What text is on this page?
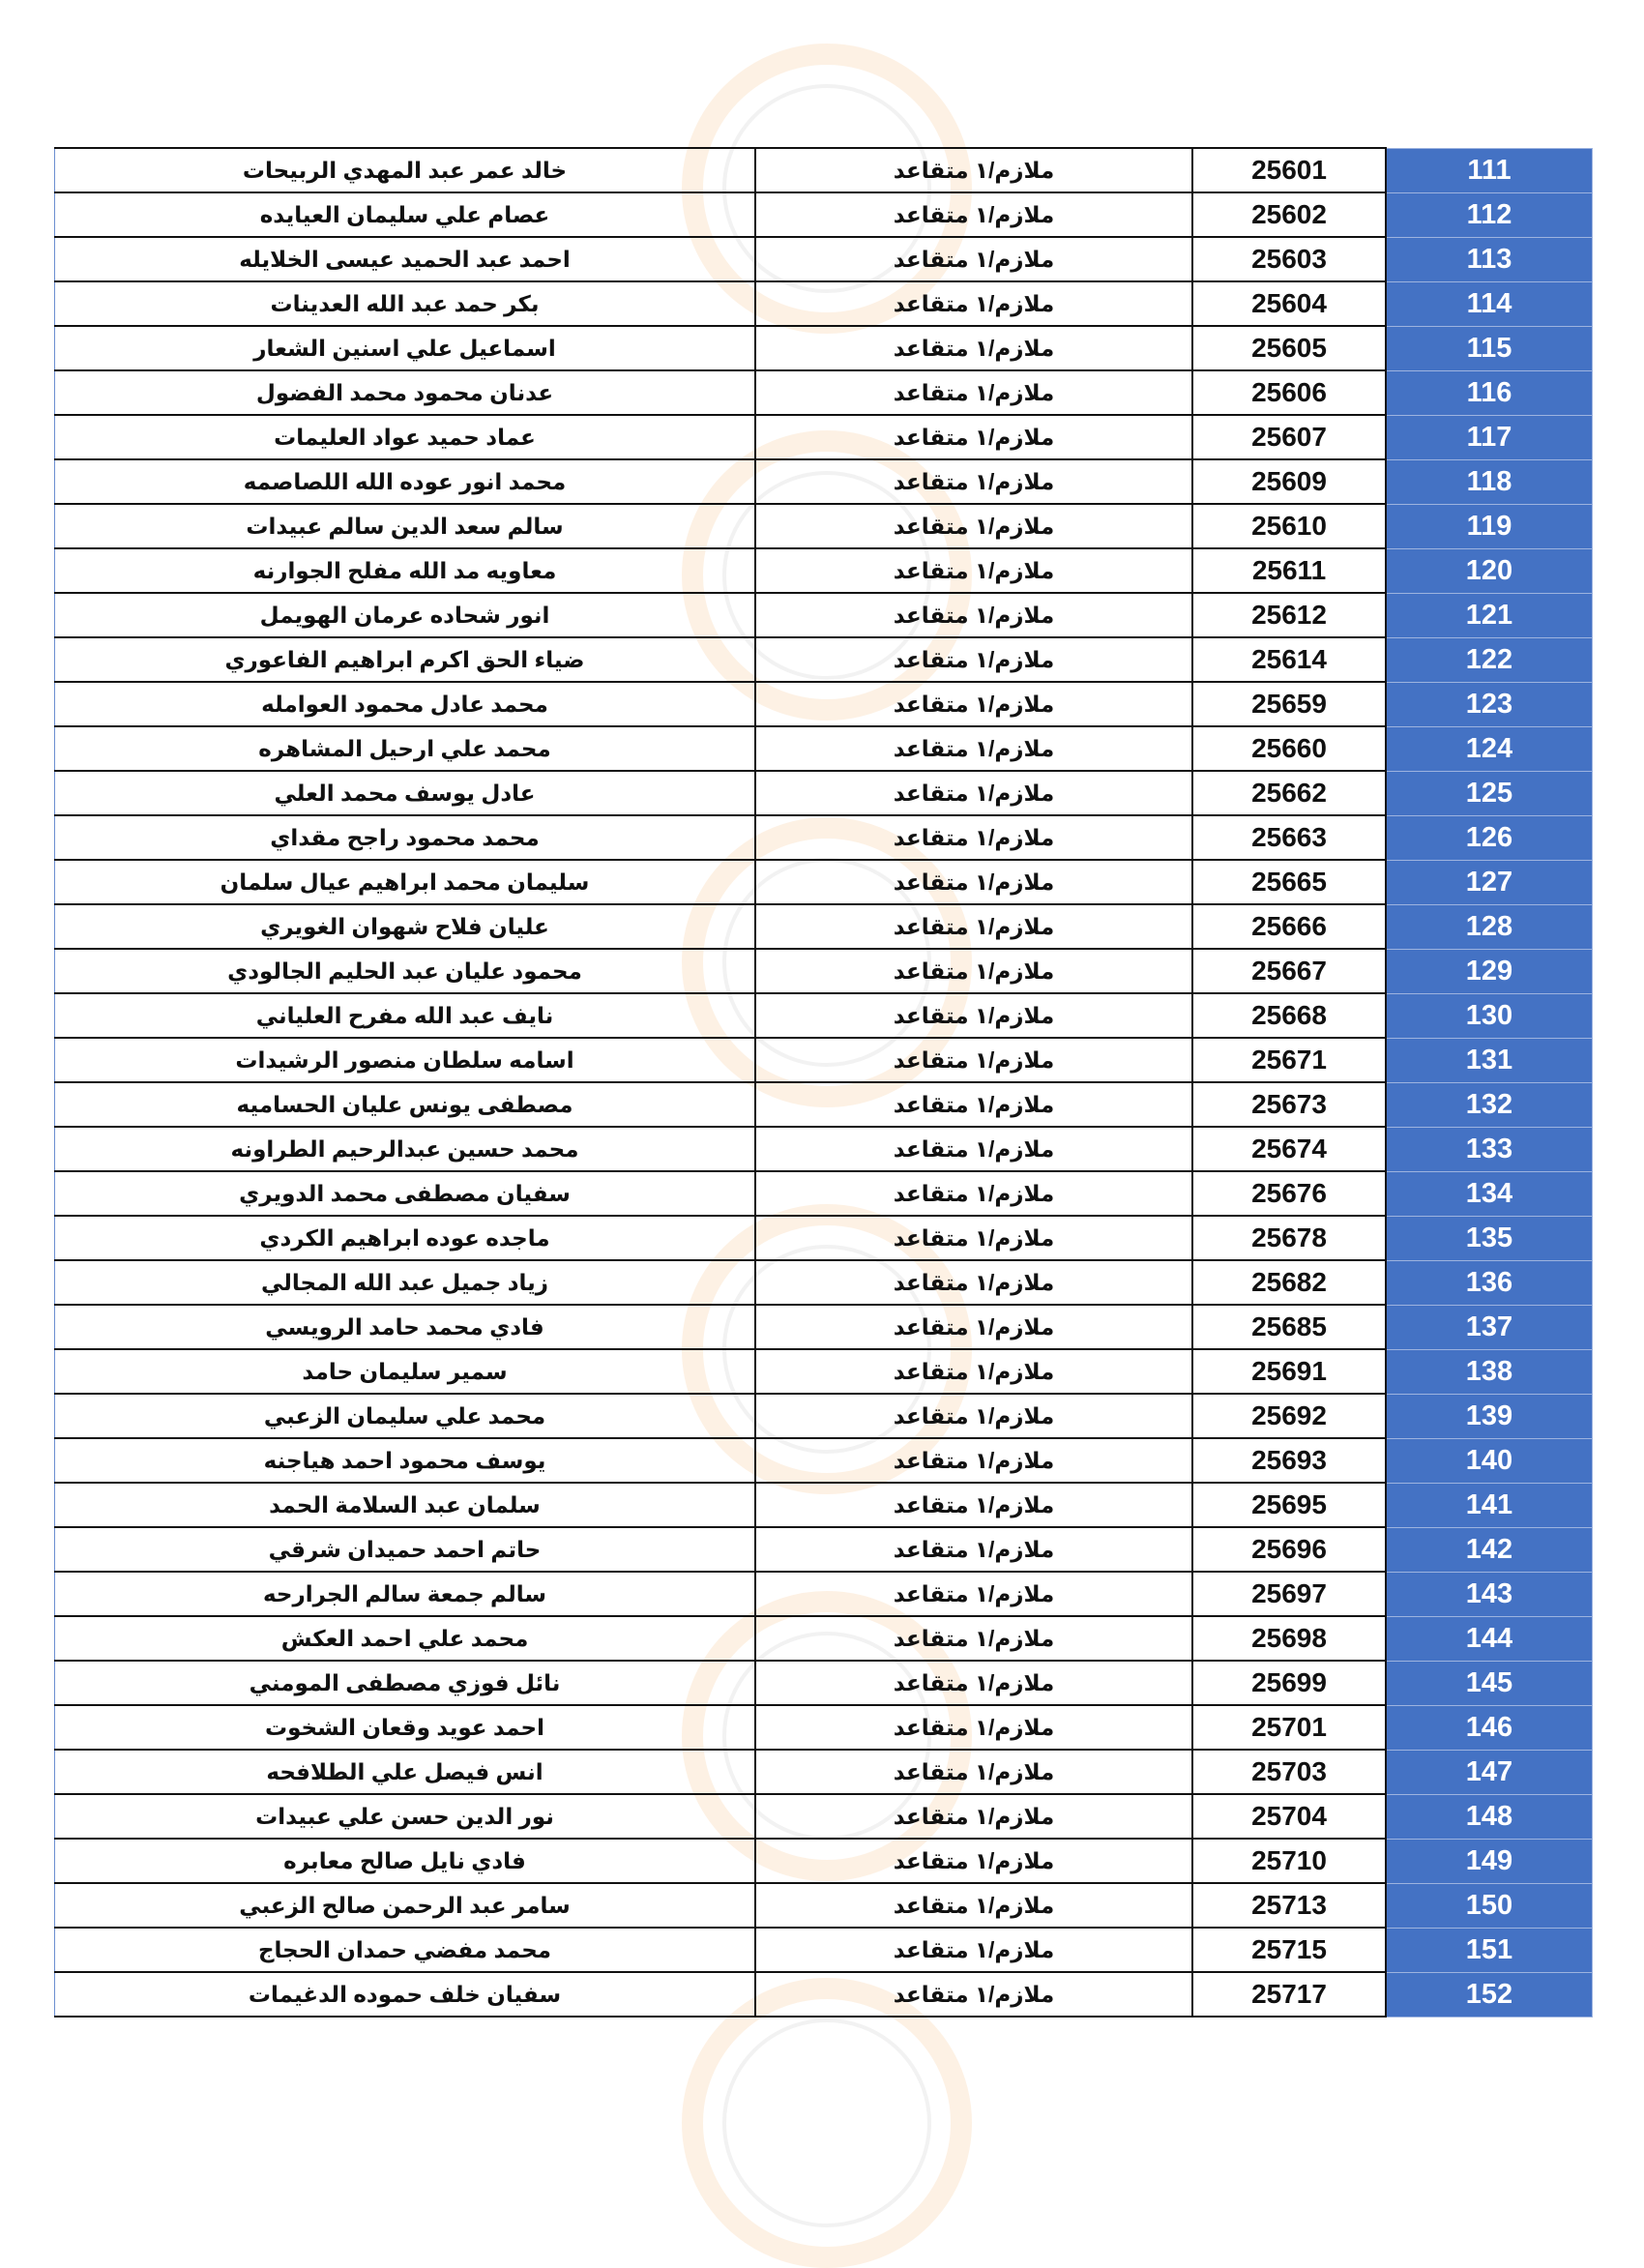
خالد عمر عبد المهدي الربيحات	ملازم/١ متقاعد	25601	111
عصام علي سليمان العيايده	ملازم/١ متقاعد	25602	112
احمد عبد الحميد عيسى الخلايله	ملازم/١ متقاعد	25603	113
بكر حمد عبد الله العدينات	ملازم/١ متقاعد	25604	114
اسماعيل علي اسنين الشعار	ملازم/١ متقاعد	25605	115
عدنان محمود محمد الفضول	ملازم/١ متقاعد	25606	116
عماد حميد عواد العليمات	ملازم/١ متقاعد	25607	117
محمد انور عوده الله اللصاصمه	ملازم/١ متقاعد	25609	118
سالم سعد الدين سالم عبيدات	ملازم/١ متقاعد	25610	119
معاويه مد الله مفلح الجوارنه	ملازم/١ متقاعد	25611	120
انور شحاده عرمان الهويمل	ملازم/١ متقاعد	25612	121
ضياء الحق اكرم ابراهيم الفاعوري	ملازم/١ متقاعد	25614	122
محمد عادل محمود العوامله	ملازم/١ متقاعد	25659	123
محمد علي ارحيل المشاهره	ملازم/١ متقاعد	25660	124
عادل يوسف محمد العلي	ملازم/١ متقاعد	25662	125
محمد محمود راجح مقداي	ملازم/١ متقاعد	25663	126
سليمان محمد ابراهيم عيال سلمان	ملازم/١ متقاعد	25665	127
عليان فلاح شهوان الغويري	ملازم/١ متقاعد	25666	128
محمود عليان عبد الحليم الجالودي	ملازم/١ متقاعد	25667	129
نايف عبد الله مفرح العلياني	ملازم/١ متقاعد	25668	130
اسامه سلطان منصور الرشيدات	ملازم/١ متقاعد	25671	131
مصطفى يونس عليان الحساميه	ملازم/١ متقاعد	25673	132
محمد حسين عبدالرحيم الطراونه	ملازم/١ متقاعد	25674	133
سفيان مصطفى محمد الدويري	ملازم/١ متقاعد	25676	134
ماجده عوده ابراهيم الكردي	ملازم/١ متقاعد	25678	135
زياد جميل عبد الله المجالي	ملازم/١ متقاعد	25682	136
فادي محمد حامد الرويسي	ملازم/١ متقاعد	25685	137
سمير سليمان حامد	ملازم/١ متقاعد	25691	138
محمد علي سليمان الزعبي	ملازم/١ متقاعد	25692	139
يوسف محمود احمد هياجنه	ملازم/١ متقاعد	25693	140
سلمان عبد السلامة الحمد	ملازم/١ متقاعد	25695	141
حاتم احمد حميدان شرقي	ملازم/١ متقاعد	25696	142
سالم جمعة سالم الجرارحه	ملازم/١ متقاعد	25697	143
محمد علي احمد العكش	ملازم/١ متقاعد	25698	144
نائل فوزي مصطفى المومني	ملازم/١ متقاعد	25699	145
احمد عويد وقعان الشخوت	ملازم/١ متقاعد	25701	146
انس فيصل علي الطلافحه	ملازم/١ متقاعد	25703	147
نور الدين حسن علي عبيدات	ملازم/١ متقاعد	25704	148
فادي نايل صالح معابره	ملازم/١ متقاعد	25710	149
سامر عبد الرحمن صالح الزعبي	ملازم/١ متقاعد	25713	150
محمد مفضي حمدان الحجاج	ملازم/١ متقاعد	25715	151
سفيان خلف حموده الدغيمات	ملازم/١ متقاعد	25717	152
